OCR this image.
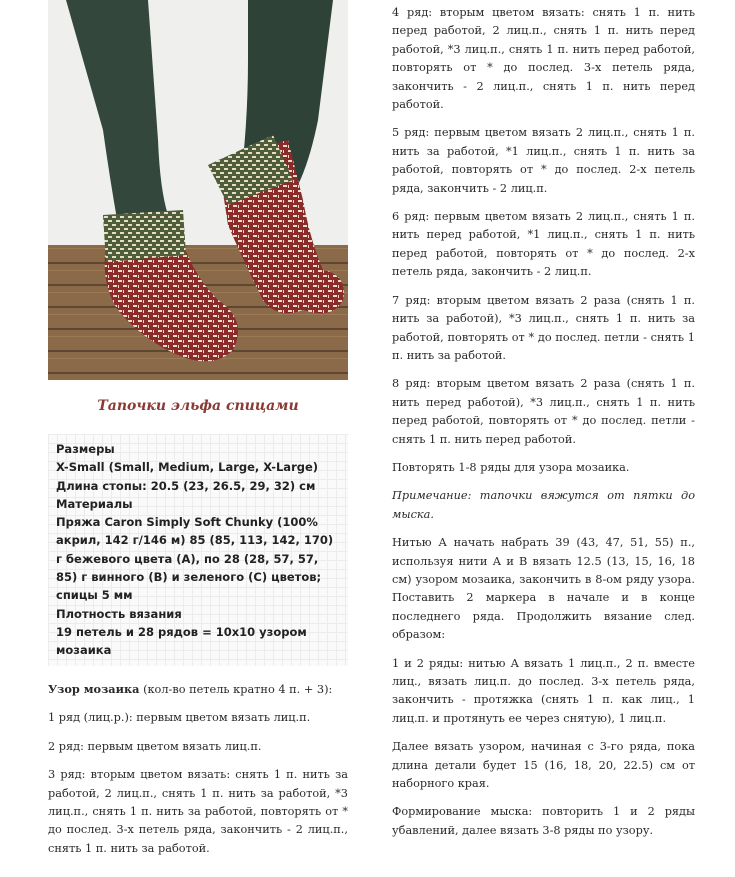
Тапочки эльфа спицами
Размеры
X-Small (Small, Medium, Large, X-Large)
Длина стопы: 20.5 (23, 26.5, 29, 32) см
Материалы
Пряжа Caron Simply Soft Chunky (100% акрил, 142 г/146 м) 85 (85, 113, 142, 170) г бежевого цвета (A), по 28 (28, 57, 57, 85) г винного (B) и зеленого (C) цветов; спицы 5 мм
Плотность вязания
19 петель и 28 рядов = 10x10 узором мозаика

Узор мозаика (кол-во петель кратно 4 п. + 3):

1 ряд (лиц.р.): первым цветом вязать лиц.п.

2 ряд: первым цветом вязать лиц.п.

3 ряд: вторым цветом вязать: снять 1 п. нить за работой, 2 лиц.п., снять 1 п. нить за работой, *3 лиц.п., снять 1 п. нить за работой, повторять от * до послед. 3-х петель ряда, закончить - 2 лиц.п., снять 1 п. нить за работой.

4 ряд: вторым цветом вязать: снять 1 п. нить перед работой, 2 лиц.п., снять 1 п. нить перед работой, *3 лиц.п., снять 1 п. нить перед работой, повторять от * до послед. 3-х петель ряда, закончить - 2 лиц.п., снять 1 п. нить перед работой.

5 ряд: первым цветом вязать 2 лиц.п., снять 1 п. нить за работой, *1 лиц.п., снять 1 п. нить за работой, повторять от * до послед. 2-х петель ряда, закончить - 2 лиц.п.

6 ряд: первым цветом вязать 2 лиц.п., снять 1 п. нить перед работой, *1 лиц.п., снять 1 п. нить перед работой, повторять от * до послед. 2-х петель ряда, закончить - 2 лиц.п.

7 ряд: вторым цветом вязать 2 раза (снять 1 п. нить за работой), *3 лиц.п., снять 1 п. нить за работой, повторять от * до послед. петли - снять 1 п. нить за работой.

8 ряд: вторым цветом вязать 2 раза (снять 1 п. нить перед работой), *3 лиц.п., снять 1 п. нить перед работой, повторять от * до послед. петли - снять 1 п. нить перед работой.

Повторять 1-8 ряды для узора мозаика.

Примечание: тапочки вяжутся от пятки до мыска.

Нитью А начать набрать 39 (43, 47, 51, 55) п., используя нити А и В вязать 12.5 (13, 15, 16, 18 см) узором мозаика, закончить в 8-ом ряду узора. Поставить 2 маркера в начале и в конце последнего ряда. Продолжить вязание след. образом:

1 и 2 ряды: нитью А вязать 1 лиц.п., 2 п. вместе лиц., вязать лиц.п. до послед. 3-х петель ряда, закончить - протяжка (снять 1 п. как лиц., 1 лиц.п. и протянуть ее через снятую), 1 лиц.п.

Далее вязать узором, начиная с 3-го ряда, пока длина детали будет 15 (16, 18, 20, 22.5) см от наборного края.

Формирование мыска: повторить 1 и 2 ряды убавлений, далее вязать 3-8 ряды по узору.
